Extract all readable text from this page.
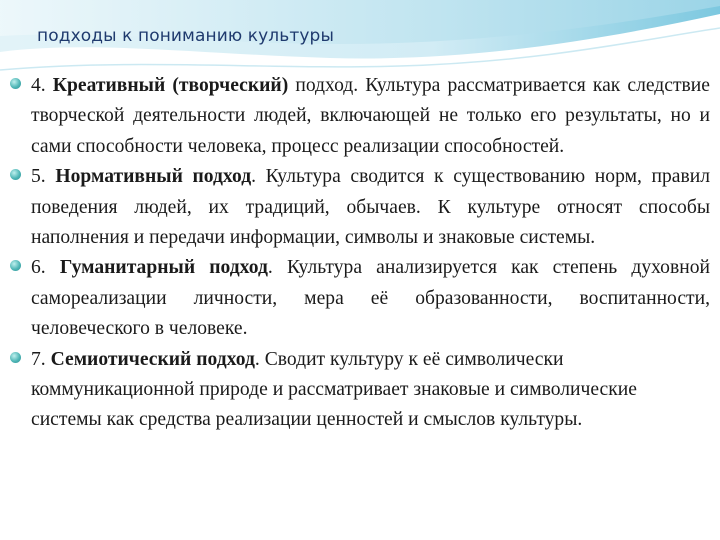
подходы к пониманию культуры
4. Креативный (творческий) подход. Культура рассматривается как следствие творческой деятельности людей, включающей не только его результаты, но и сами способности человека, процесс реализации способностей.
5. Нормативный подход. Культура сводится к существованию норм, правил поведения людей, их традиций, обычаев. К культуре относят способы наполнения и передачи информации, символы и знаковые системы.
6. Гуманитарный подход. Культура анализируется как степень духовной самореализации личности, мера её образованности, воспитанности, человеческого в человеке.
7. Семиотический подход. Сводит культуру к её символически коммуникационной природе и рассматривает знаковые и символические системы как средства реализации ценностей и смыслов культуры.
